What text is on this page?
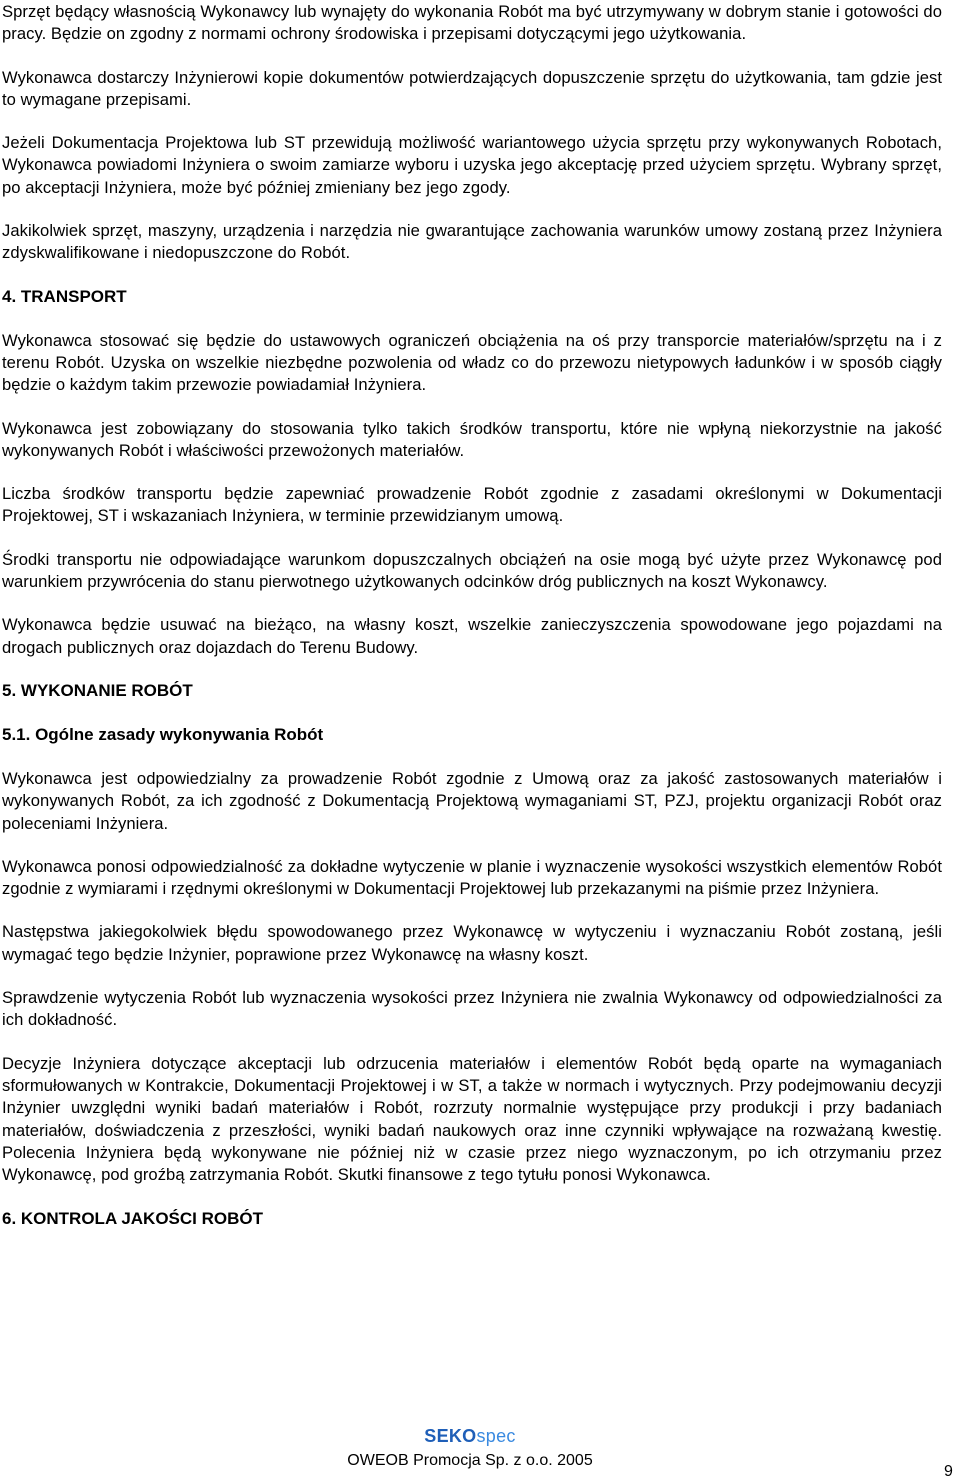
Sprzęt będący własnością Wykonawcy lub wynajęty do wykonania Robót ma być utrzymywany w dobrym stanie i gotowości do pracy. Będzie on zgodny z normami ochrony środowiska i przepisami dotyczącymi jego użytkowania.

Wykonawca dostarczy Inżynierowi kopie dokumentów potwierdzających dopuszczenie sprzętu do użytkowania, tam gdzie jest to wymagane przepisami.

Jeżeli Dokumentacja Projektowa lub ST przewidują możliwość wariantowego użycia sprzętu przy wykonywanych Robotach, Wykonawca powiadomi Inżyniera o swoim zamiarze wyboru i uzyska jego akceptację przed użyciem sprzętu. Wybrany sprzęt, po akceptacji Inżyniera, może być później zmieniany bez jego zgody.

Jakikolwiek sprzęt, maszyny, urządzenia i narzędzia nie gwarantujące zachowania warunków umowy zostaną przez Inżyniera zdyskwalifikowane i niedopuszczone do Robót.

4. TRANSPORT

Wykonawca stosować się będzie do ustawowych ograniczeń obciążenia na oś przy transporcie materiałów/sprzętu na i z terenu Robót. Uzyska on wszelkie niezbędne pozwolenia od władz co do przewozu nietypowych ładunków i w sposób ciągły będzie o każdym takim przewozie powiadamiał Inżyniera.

Wykonawca jest zobowiązany do stosowania tylko takich środków transportu, które nie wpłyną niekorzystnie na jakość wykonywanych Robót i właściwości przewożonych materiałów.

Liczba środków transportu będzie zapewniać prowadzenie Robót zgodnie z zasadami określonymi w Dokumentacji Projektowej, ST i wskazaniach Inżyniera, w terminie przewidzianym umową.

Środki transportu nie odpowiadające warunkom dopuszczalnych obciążeń na osie mogą być użyte przez Wykonawcę pod warunkiem przywrócenia do stanu pierwotnego użytkowanych odcinków dróg publicznych na koszt Wykonawcy.

Wykonawca będzie usuwać na bieżąco, na własny koszt, wszelkie zanieczyszczenia spowodowane jego pojazdami na drogach publicznych oraz dojazdach do Terenu Budowy.

5. WYKONANIE ROBÓT
5.1. Ogólne zasady wykonywania Robót

Wykonawca jest odpowiedzialny za prowadzenie Robót zgodnie z Umową oraz za jakość zastosowanych materiałów i wykonywanych Robót, za ich zgodność z Dokumentacją Projektową wymaganiami ST, PZJ, projektu organizacji Robót oraz poleceniami Inżyniera.

Wykonawca ponosi odpowiedzialność za dokładne wytyczenie w planie i wyznaczenie wysokości wszystkich elementów Robót zgodnie z wymiarami i rzędnymi określonymi w Dokumentacji Projektowej lub przekazanymi na piśmie przez Inżyniera.

Następstwa jakiegokolwiek błędu spowodowanego przez Wykonawcę w wytyczeniu i wyznaczaniu Robót zostaną, jeśli wymagać tego będzie Inżynier, poprawione przez Wykonawcę na własny koszt.

Sprawdzenie wytyczenia Robót lub wyznaczenia wysokości przez Inżyniera nie zwalnia Wykonawcy od odpowiedzialności za ich dokładność.

Decyzje Inżyniera dotyczące akceptacji lub odrzucenia materiałów i elementów Robót będą oparte na wymaganiach sformułowanych w Kontrakcie, Dokumentacji Projektowej i w ST, a także w normach i wytycznych. Przy podejmowaniu decyzji Inżynier uwzględni wyniki badań materiałów i Robót, rozrzuty normalnie występujące przy produkcji i przy badaniach materiałów, doświadczenia z przeszłości, wyniki badań naukowych oraz inne czynniki wpływające na rozważaną kwestię. Polecenia Inżyniera będą wykonywane nie później niż w czasie przez niego wyznaczonym, po ich otrzymaniu przez Wykonawcę, pod groźbą zatrzymania Robót. Skutki finansowe z tego tytułu ponosi Wykonawca.

6. KONTROLA JAKOŚCI ROBÓT
SEKOspec
OWEOB Promocja Sp. z o.o. 2005
9
